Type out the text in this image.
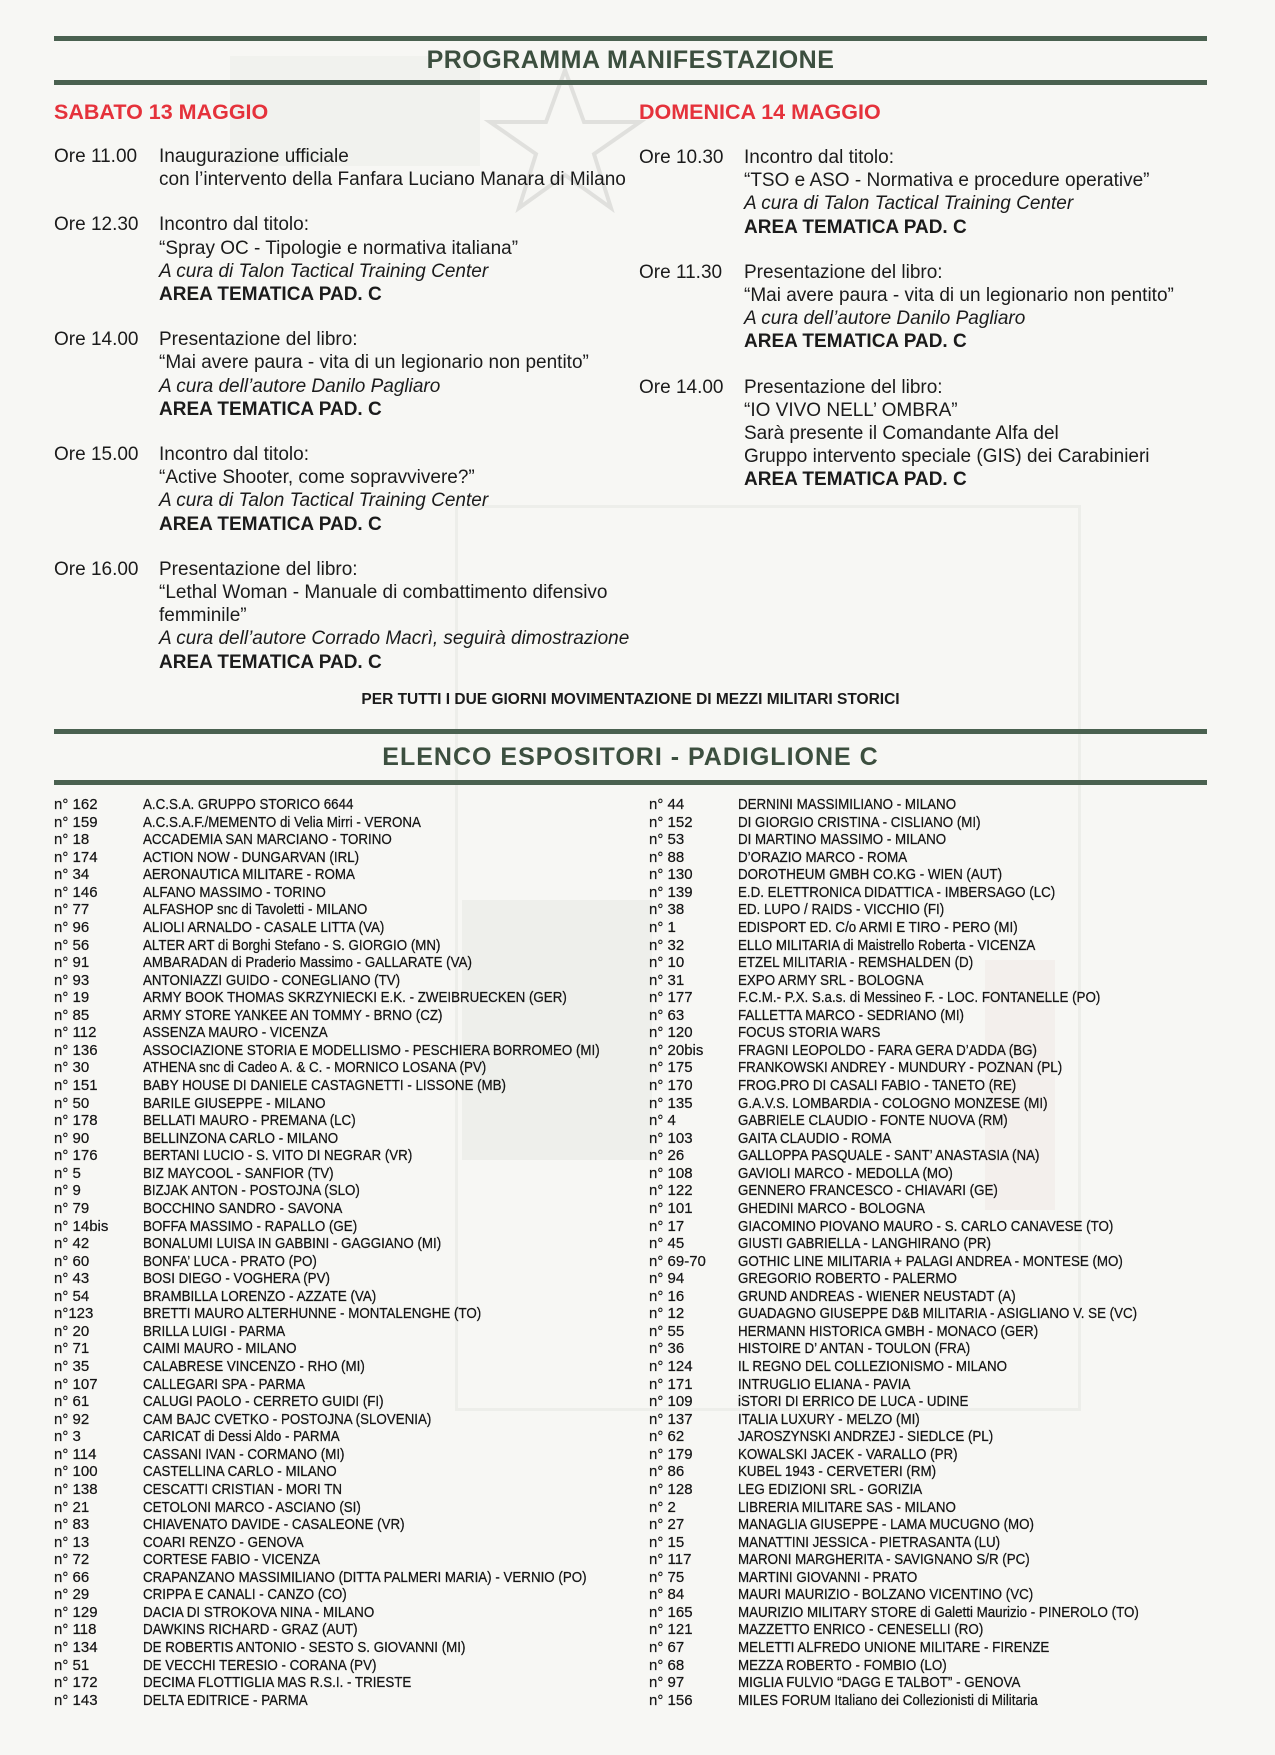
PROGRAMMA MANIFESTAZIONE
SABATO 13 MAGGIO
Ore 11.00 Inaugurazione ufficiale
con l’intervento della Fanfara Luciano Manara di Milano
Ore 12.30 Incontro dal titolo:
“Spray OC - Tipologie e normativa italiana”
A cura di Talon Tactical Training Center
AREA TEMATICA PAD. C
Ore 14.00 Presentazione del libro:
“Mai avere paura - vita di un legionario non pentito”
A cura dell’autore Danilo Pagliaro
AREA TEMATICA PAD. C
Ore 15.00 Incontro dal titolo:
“Active Shooter, come sopravvivere?”
A cura di Talon Tactical Training Center
AREA TEMATICA PAD. C
Ore 16.00 Presentazione del libro:
“Lethal Woman - Manuale di combattimento difensivo
femminile”
A cura dell’autore Corrado Macrì, seguirà dimostrazione
AREA TEMATICA PAD. C
DOMENICA 14 MAGGIO
Ore 10.30 Incontro dal titolo:
“TSO e ASO - Normativa e procedure operative”
A cura di Talon Tactical Training Center
AREA TEMATICA PAD. C
Ore 11.30 Presentazione del libro:
“Mai avere paura - vita di un legionario non pentito”
A cura dell’autore Danilo Pagliaro
AREA TEMATICA PAD. C
Ore 14.00 Presentazione del libro:
“IO VIVO NELL’ OMBRA”
Sarà presente il Comandante Alfa del
Gruppo intervento speciale (GIS) dei Carabinieri
AREA TEMATICA PAD. C
PER TUTTI I DUE GIORNI MOVIMENTAZIONE DI MEZZI MILITARI STORICI
ELENCO ESPOSITORI - PADIGLIONE C
n° 162	A.C.S.A. GRUPPO STORICO 6644
n° 159	A.C.S.A.F./MEMENTO di Velia Mirri - VERONA
n° 18	ACCADEMIA SAN MARCIANO - TORINO
n° 174	ACTION NOW - DUNGARVAN (IRL)
n° 34	AERONAUTICA MILITARE - ROMA
n° 146	ALFANO MASSIMO - TORINO
n° 77	ALFASHOP snc di Tavoletti - MILANO
n° 96	ALIOLI ARNALDO - CASALE LITTA (VA)
n° 56	ALTER ART di Borghi Stefano - S. GIORGIO (MN)
n° 91	AMBARADAN di Praderio Massimo - GALLARATE (VA)
n° 93	ANTONIAZZI GUIDO - CONEGLIANO (TV)
n° 19	ARMY BOOK THOMAS SKRZYNIECKI E.K. - ZWEIBRUECKEN (GER)
n° 85	ARMY STORE YANKEE AN TOMMY - BRNO (CZ)
n° 112	ASSENZA MAURO - VICENZA
n° 136	ASSOCIAZIONE STORIA E MODELLISMO - PESCHIERA BORROMEO (MI)
n° 30	ATHENA snc di Cadeo A. & C. - MORNICO LOSANA (PV)
n° 151	BABY HOUSE DI DANIELE CASTAGNETTI - LISSONE (MB)
n° 50	BARILE GIUSEPPE - MILANO
n° 178	BELLATI MAURO - PREMANA (LC)
n° 90	BELLINZONA CARLO - MILANO
n° 176	BERTANI LUCIO - S. VITO DI NEGRAR (VR)
n° 5	BIZ MAYCOOL - SANFIOR (TV)
n° 9	BIZJAK ANTON - POSTOJNA (SLO)
n° 79	BOCCHINO SANDRO - SAVONA
n° 14bis BOFFA MASSIMO - RAPALLO (GE)
n° 42	BONALUMI LUISA IN GABBINI - GAGGIANO (MI)
n° 60	BONFA’ LUCA - PRATO (PO)
n° 43	BOSI DIEGO - VOGHERA (PV)
n° 54	BRAMBILLA LORENZO - AZZATE (VA)
n°123	BRETTI MAURO ALTERHUNNE - MONTALENGHE (TO)
n° 20	BRILLA LUIGI - PARMA
n° 71	CAIMI MAURO - MILANO
n° 35	CALABRESE VINCENZO - RHO (MI)
n° 107	CALLEGARI SPA - PARMA
n° 61	CALUGI PAOLO - CERRETO GUIDI (FI)
n° 92	CAM BAJC CVETKO - POSTOJNA (SLOVENIA)
n° 3	CARICAT di Dessi Aldo - PARMA
n° 114	CASSANI IVAN - CORMANO (MI)
n° 100	CASTELLINA CARLO - MILANO
n° 138	CESCATTI CRISTIAN - MORI TN
n° 21	CETOLONI MARCO - ASCIANO (SI)
n° 83	CHIAVENATO DAVIDE - CASALEONE (VR)
n° 13	COARI RENZO - GENOVA
n° 72	CORTESE FABIO - VICENZA
n° 66	CRAPANZANO MASSIMILIANO (DITTA PALMERI MARIA) - VERNIO (PO)
n° 29	CRIPPA E CANALI - CANZO (CO)
n° 129	DACIA DI STROKOVA NINA - MILANO
n° 118	DAWKINS RICHARD - GRAZ (AUT)
n° 134	DE ROBERTIS ANTONIO - SESTO S. GIOVANNI (MI)
n° 51	DE VECCHI TERESIO - CORANA (PV)
n° 172	DECIMA FLOTTIGLIA MAS R.S.I. - TRIESTE
n° 143	DELTA EDITRICE - PARMA
n° 44	DERNINI MASSIMILIANO - MILANO
n° 152	DI GIORGIO CRISTINA - CISLIANO (MI)
n° 53	DI MARTINO MASSIMO - MILANO
n° 88	D’ORAZIO MARCO - ROMA
n° 130	DOROTHEUM GMBH CO.KG - WIEN (AUT)
n° 139	E.D. ELETTRONICA DIDATTICA - IMBERSAGO (LC)
n° 38	ED. LUPO / RAIDS - VICCHIO (FI)
n° 1	EDISPORT ED. C/o ARMI E TIRO - PERO (MI)
n° 32	ELLO MILITARIA di Maistrello Roberta - VICENZA
n° 10	ETZEL MILITARIA - REMSHALDEN (D)
n° 31	EXPO ARMY SRL - BOLOGNA
n° 177	F.C.M.- P.X. S.a.s. di Messineo F. - LOC. FONTANELLE (PO)
n° 63	FALLETTA MARCO - SEDRIANO (MI)
n° 120	FOCUS STORIA WARS
n° 20bis FRAGNI LEOPOLDO - FARA GERA D’ADDA (BG)
n° 175	FRANKOWSKI ANDREY - MUNDURY - POZNAN (PL)
n° 170	FROG.PRO DI CASALI FABIO - TANETO (RE)
n° 135	G.A.V.S. LOMBARDIA - COLOGNO MONZESE (MI)
n° 4	GABRIELE CLAUDIO - FONTE NUOVA (RM)
n° 103	GAITA CLAUDIO - ROMA
n° 26	GALLOPPA PASQUALE - SANT’ ANASTASIA (NA)
n° 108	GAVIOLI MARCO - MEDOLLA (MO)
n° 122	GENNERO FRANCESCO - CHIAVARI (GE)
n° 101	GHEDINI MARCO - BOLOGNA
n° 17	GIACOMINO PIOVANO MAURO - S. CARLO CANAVESE (TO)
n° 45	GIUSTI GABRIELLA - LANGHIRANO (PR)
n° 69-70 GOTHIC LINE MILITARIA + PALAGI ANDREA - MONTESE (MO)
n° 94	GREGORIO ROBERTO - PALERMO
n° 16	GRUND ANDREAS - WIENER NEUSTADT (A)
n° 12	GUADAGNO GIUSEPPE D&B MILITARIA - ASIGLIANO V. SE (VC)
n° 55	HERMANN HISTORICA GMBH - MONACO (GER)
n° 36	HISTOIRE D’ ANTAN - TOULON (FRA)
n° 124	IL REGNO DEL COLLEZIONISMO - MILANO
n° 171	INTRUGLIO ELIANA - PAVIA
n° 109	iSTORI DI ERRICO DE LUCA - UDINE
n° 137	ITALIA LUXURY - MELZO (MI)
n° 62	JAROSZYNSKI ANDRZEJ - SIEDLCE (PL)
n° 179	KOWALSKI JACEK - VARALLO (PR)
n° 86	KUBEL 1943 - CERVETERI (RM)
n° 128	LEG EDIZIONI SRL - GORIZIA
n° 2	LIBRERIA MILITARE SAS - MILANO
n° 27	MANAGLIA GIUSEPPE - LAMA MUCUGNO (MO)
n° 15	MANATTINI JESSICA - PIETRASANTA (LU)
n° 117	MARONI MARGHERITA - SAVIGNANO S/R (PC)
n° 75	MARTINI GIOVANNI - PRATO
n° 84	MAURI MAURIZIO - BOLZANO VICENTINO (VC)
n° 165	MAURIZIO MILITARY STORE di Galetti Maurizio - PINEROLO (TO)
n° 121	MAZZETTO ENRICO - CENESELLI (RO)
n° 67	MELETTI ALFREDO UNIONE MILITARE - FIRENZE
n° 68	MEZZA ROBERTO - FOMBIO (LO)
n° 97	MIGLIA FULVIO “DAGG E TALBOT” - GENOVA
n° 156	MILES FORUM Italiano dei Collezionisti di Militaria
